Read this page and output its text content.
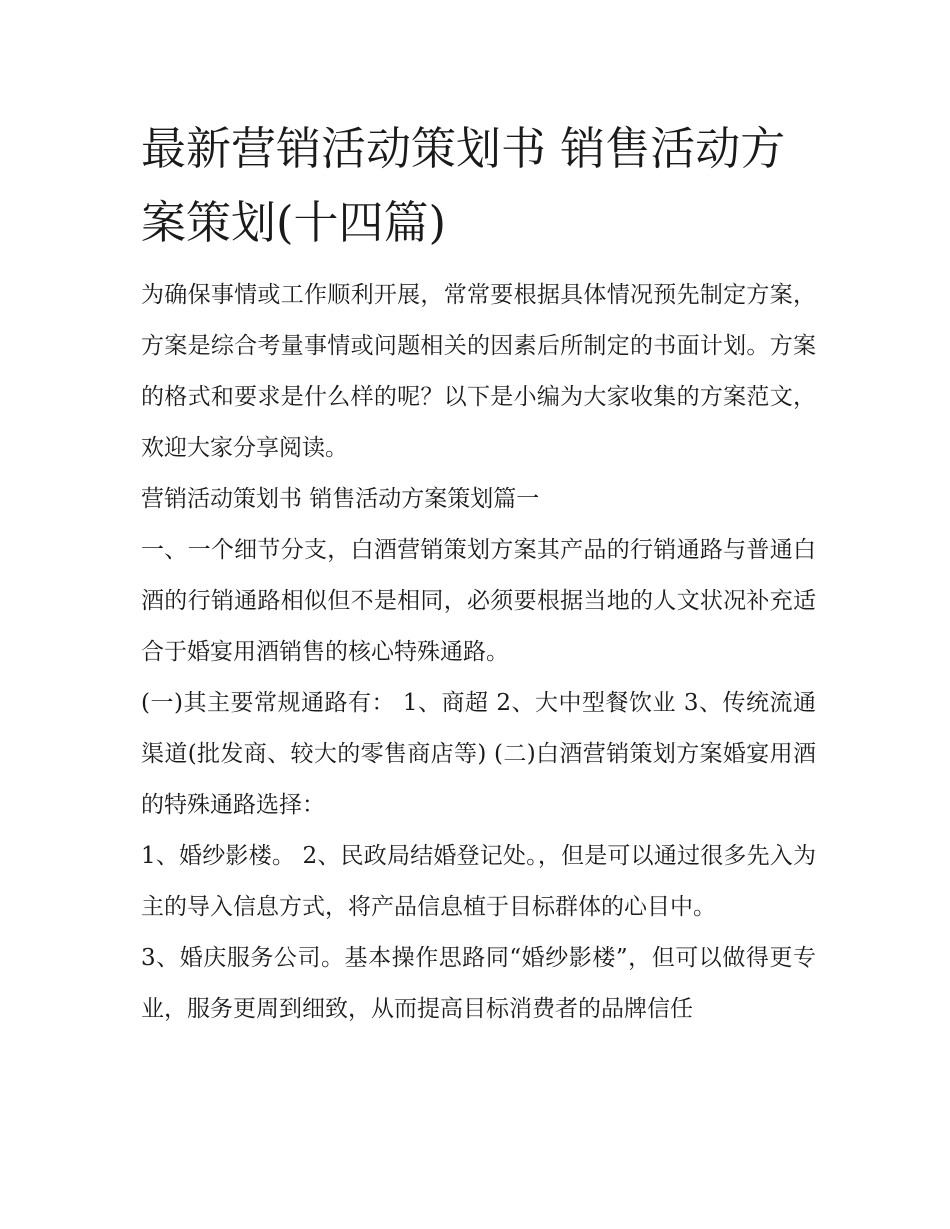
最新营销活动策划书 销售活动方案策划(十四篇)

为确保事情或工作顺利开展，常常要根据具体情况预先制定方案，方案是综合考量事情或问题相关的因素后所制定的书面计划。方案的格式和要求是什么样的呢？以下是小编为大家收集的方案范文，欢迎大家分享阅读。

营销活动策划书 销售活动方案策划篇一

一、一个细节分支，白酒营销策划方案其产品的行销通路与普通白酒的行销通路相似但不是相同，必须要根据当地的人文状况补充适合于婚宴用酒销售的核心特殊通路。

(一)其主要常规通路有： 1、商超 2、大中型餐饮业 3、传统流通渠道(批发商、较大的零售商店等) (二)白酒营销策划方案婚宴用酒的特殊通路选择：

1、婚纱影楼。 2、民政局结婚登记处。，但是可以通过很多先入为主的导入信息方式，将产品信息植于目标群体的心目中。

3、婚庆服务公司。基本操作思路同“婚纱影楼”，但可以做得更专业，服务更周到细致，从而提高目标消费者的品牌信任
